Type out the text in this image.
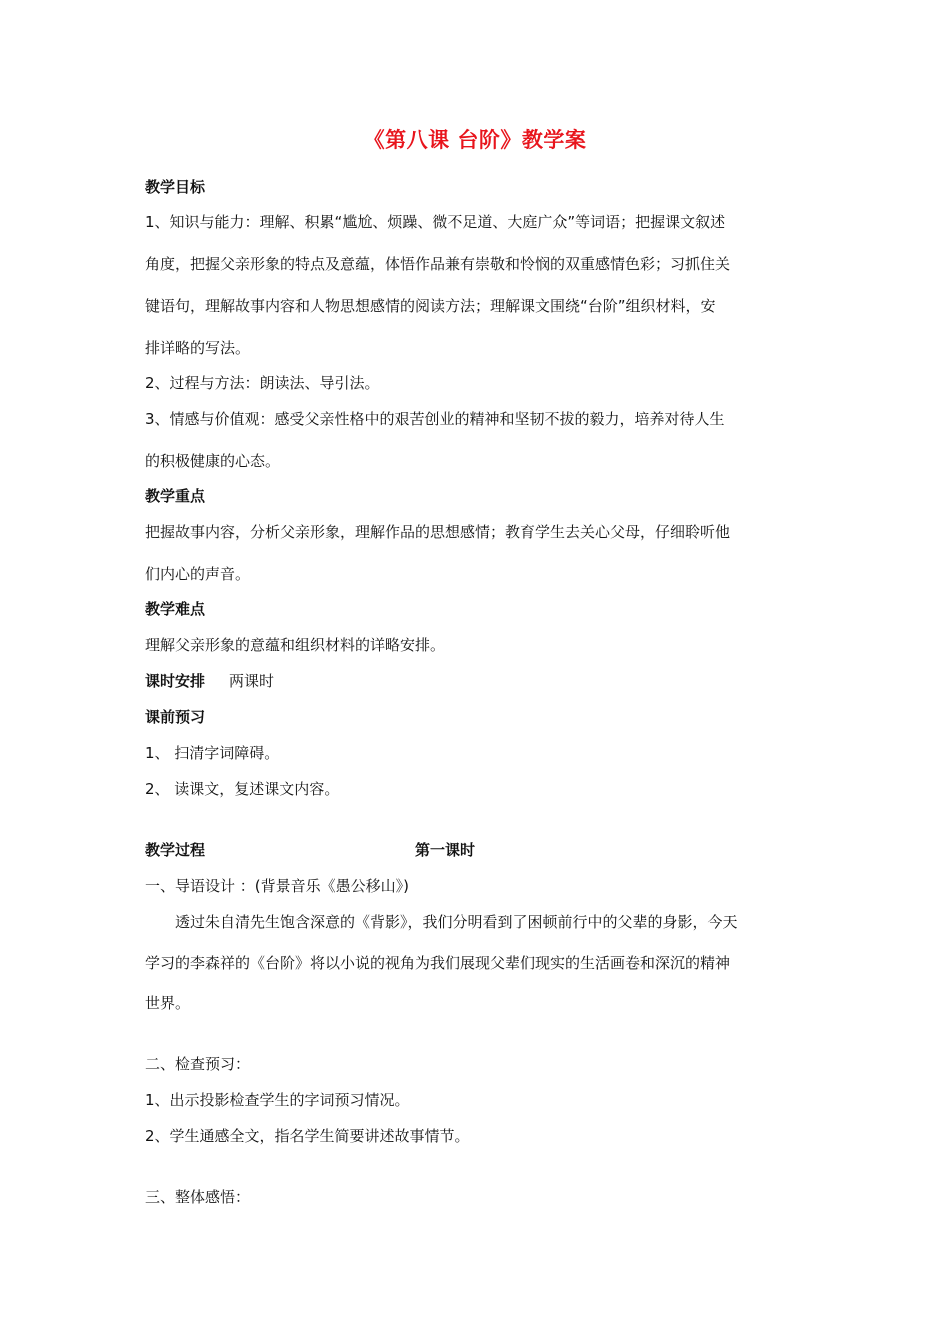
《第八课 台阶》教学案
教学目标
1、知识与能力：理解、积累“尴尬、烦躁、微不足道、大庭广众”等词语；把握课文叙述
角度，把握父亲形象的特点及意蕴，体悟作品兼有崇敬和怜悯的双重感情色彩；习抓住关
键语句，理解故事内容和人物思想感情的阅读方法；理解课文围绕“台阶”组织材料，安
排详略的写法。
2、过程与方法：朗读法、导引法。
3、情感与价值观：感受父亲性格中的艰苦创业的精神和坚韧不拔的毅力，培养对待人生
的积极健康的心态。
教学重点
把握故事内容，分析父亲形象，理解作品的思想感情；教育学生去关心父母，仔细聆听他
们内心的声音。
教学难点
理解父亲形象的意蕴和组织材料的详略安排。
课时安排 两课时
课前预习
1、 扫清字词障碍。
2、 读课文，复述课文内容。
教学过程	第一课时
一、导语设计 ：(背景音乐《愚公移山》)
透过朱自清先生饱含深意的《背影》，我们分明看到了困顿前行中的父辈的身影，今天
学习的李森祥的《台阶》将以小说的视角为我们展现父辈们现实的生活画卷和深沉的精神
世界。
二、检查预习：
1、出示投影检查学生的字词预习情况。
2、学生通感全文，指名学生简要讲述故事情节。
三、整体感悟：
